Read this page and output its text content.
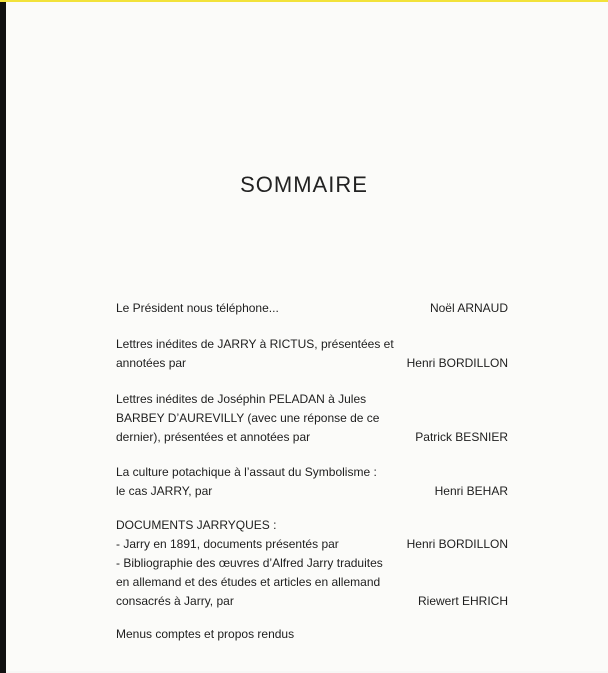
SOMMAIRE
Le Président nous téléphone...	Noël ARNAUD
Lettres inédites de JARRY à RICTUS, présentées et
annotées par	Henri BORDILLON
Lettres inédites de Joséphin PELADAN à Jules
BARBEY D’AUREVILLY (avec une réponse de ce
dernier), présentées et annotées par	Patrick BESNIER
La culture potachique à l’assaut du Symbolisme :
le cas JARRY, par	Henri BEHAR
DOCUMENTS JARRYQUES :
- Jarry en 1891, documents présentés par	Henri BORDILLON
- Bibliographie des œuvres d’Alfred Jarry traduites
en allemand et des études et articles en allemand
consacrés à Jarry, par	Riewert EHRICH
Menus comptes et propos rendus
